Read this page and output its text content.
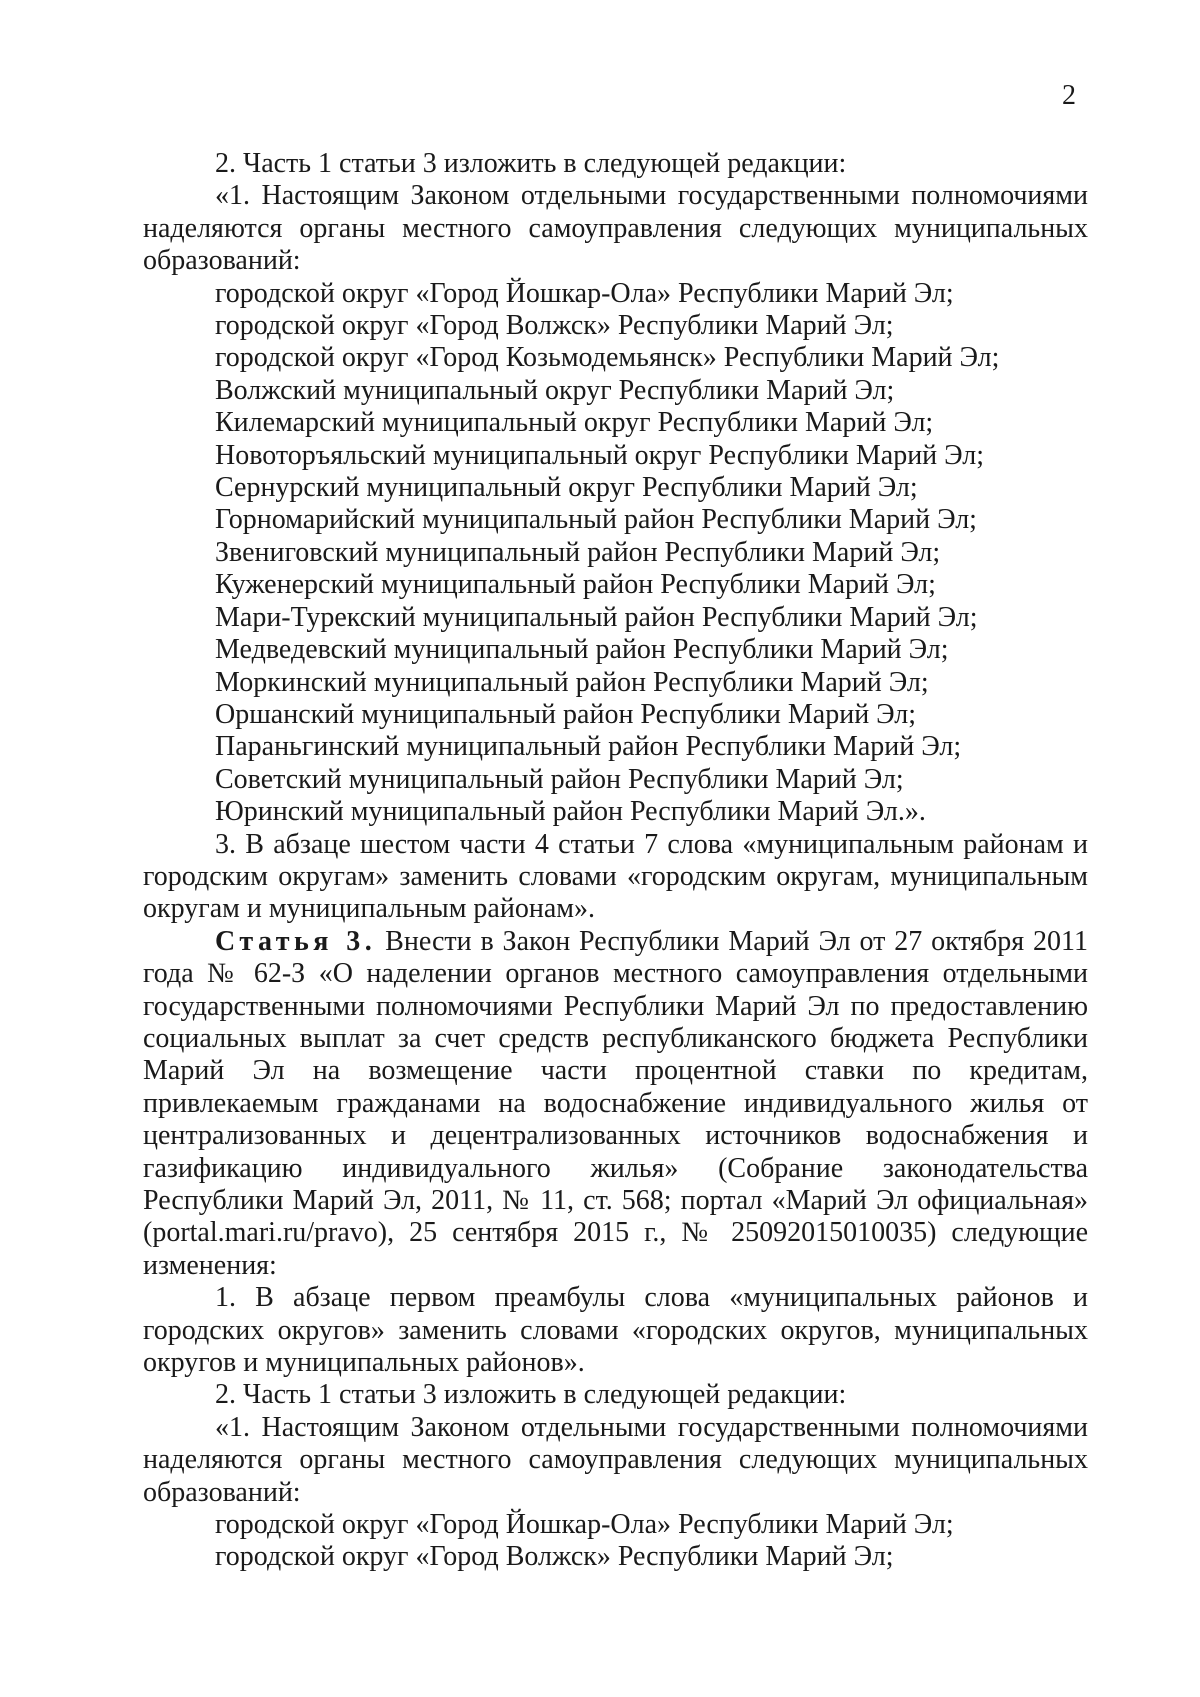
2

2. Часть 1 статьи 3 изложить в следующей редакции:

«1. Настоящим Законом отдельными государственными полномочиями наделяются органы местного самоуправления следующих муниципальных образований:

городской округ «Город Йошкар-Ола» Республики Марий Эл;
городской округ «Город Волжск» Республики Марий Эл;
городской округ «Город Козьмодемьянск» Республики Марий Эл;
Волжский муниципальный округ Республики Марий Эл;
Килемарский муниципальный округ Республики Марий Эл;
Новоторъяльский муниципальный округ Республики Марий Эл;
Сернурский муниципальный округ Республики Марий Эл;
Горномарийский муниципальный район Республики Марий Эл;
Звениговский муниципальный район Республики Марий Эл;
Куженерский муниципальный район Республики Марий Эл;
Мари-Турекский муниципальный район Республики Марий Эл;
Медведевский муниципальный район Республики Марий Эл;
Моркинский муниципальный район Республики Марий Эл;
Оршанский муниципальный район Республики Марий Эл;
Параньгинский муниципальный район Республики Марий Эл;
Советский муниципальный район Республики Марий Эл;
Юринский муниципальный район Республики Марий Эл.».

3. В абзаце шестом части 4 статьи 7 слова «муниципальным районам и городским округам» заменить словами «городским округам, муниципальным округам и муниципальным районам».

Статья 3. Внести в Закон Республики Марий Эл от 27 октября 2011 года № 62-З «О наделении органов местного самоуправления отдельными государственными полномочиями Республики Марий Эл по предоставлению социальных выплат за счет средств республиканского бюджета Республики Марий Эл на возмещение части процентной ставки по кредитам, привлекаемым гражданами на водоснабжение индивидуального жилья от централизованных и децентрализованных источников водоснабжения и газификацию индивидуального жилья» (Собрание законодательства Республики Марий Эл, 2011, № 11, ст. 568; портал «Марий Эл официальная» (portal.mari.ru/pravo), 25 сентября 2015 г., № 25092015010035) следующие изменения:

1. В абзаце первом преамбулы слова «муниципальных районов и городских округов» заменить словами «городских округов, муниципальных округов и муниципальных районов».

2. Часть 1 статьи 3 изложить в следующей редакции:

«1. Настоящим Законом отдельными государственными полномочиями наделяются органы местного самоуправления следующих муниципальных образований:

городской округ «Город Йошкар-Ола» Республики Марий Эл;
городской округ «Город Волжск» Республики Марий Эл;
